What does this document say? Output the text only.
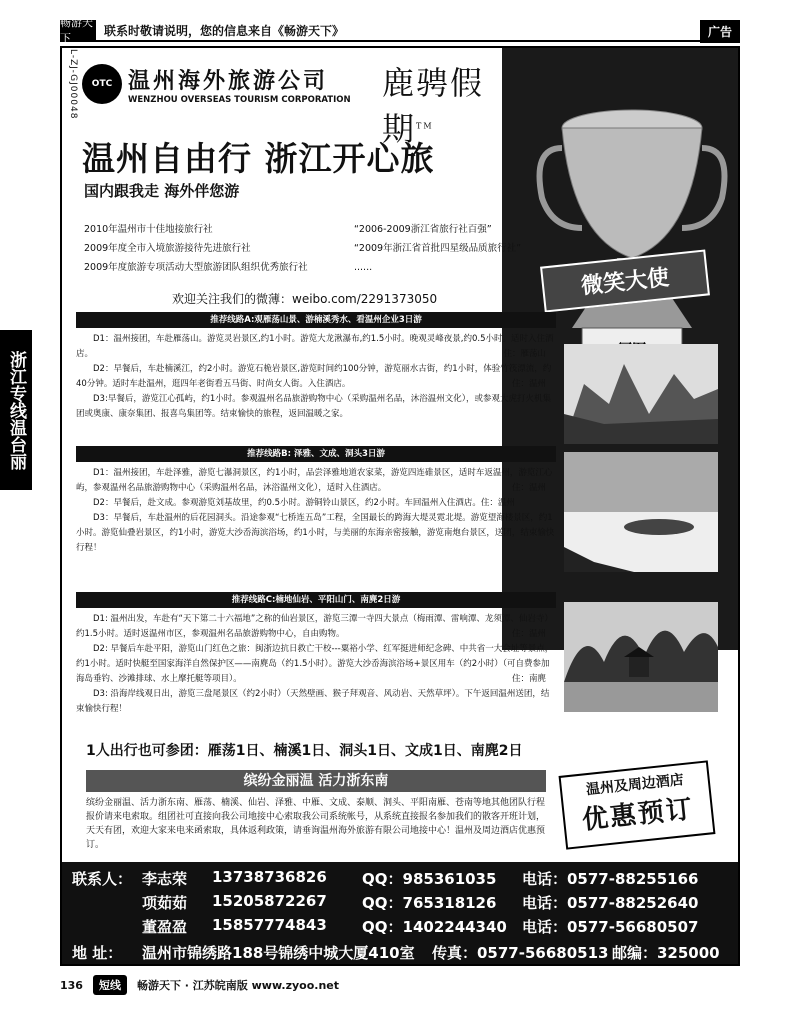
畅游天下
联系时敬请说明，您的信息来自《畅游天下》	广告
浙江专线温台丽
L-ZJ-GJ00048	OTC 温州海外旅游公司
WENZHOU OVERSEAS TOURISM CORPORATION 鹿骋假期™
微笑大使
温州自由行 浙江开心旅
国内跟我走 海外伴您游
2010年温州市十佳地接旅行社	“2006-2009浙江省旅行社百强”
2009年度全市入境旅游接待先进旅行社	“2009年浙江省首批四星级品质旅行社”
2009年度旅游专项活动大型旅游团队组织优秀旅行社	......
欢迎关注我们的微薄：weibo.com/2291373050
推荐线路A:观雁荡山景、游楠溪秀水、看温州企业3日游

D1：温州接团，车赴雁荡山。游览灵岩景区,约1小时。游览大龙湫瀑布,约1.5小时。晚观灵峰夜景,约0.5小时。适时入住酒店。	住：雁荡山

D2：早餐后，车赴楠溪江，约2小时。游览石桅岩景区,游览时间约100分钟，游览丽水古街，约1小时，体验竹筏漂流，约40分钟。适时车赴温州，逛四年老街看五马街、时尚女人街。入住酒店。	住：温州

D3:早餐后，游览江心孤屿，约1小时。参观温州名品旅游购物中心（采购温州名品，沐浴温州文化），或参观大虎打火机集团或奥康、康奈集团、报喜鸟集团等。结束愉快的旅程，返回温暖之家。

推荐线路B: 泽雅、文成、洞头3日游

D1：温州接团，车赴泽雅，游览七瀑洞景区，约1小时，品尝泽雅地道农家菜，游览四连碓景区，适时车返温州，游览江心屿，参观温州名品旅游购物中心（采购温州名品，沐浴温州文化），适时入住酒店。	住：温州

D2：早餐后，赴文成。参观游览刘基故里，约0.5小时。游铜铃山景区，约2小时。车回温州入住酒店。住：温州

D3：早餐后，车赴温州的后花园洞头。沿途参观“七桥连五岛”工程，全国最长的跨海大堤灵霓北堤。游览望海楼景区，约1小时。游览仙叠岩景区，约1小时，游览大沙岙海滨浴场，约1小时，与美丽的东海亲密接触，游览南炮台景区，送团，结束愉快行程！

推荐线路C:楠地仙岩、平阳山门、南麂2日游

D1: 温州出发，车赴有“天下第二十六福地”之称的仙岩景区，游览三潭一寺四大景点（梅雨潭、雷响潭、龙须潭、仙岩寺）约1.5小时。适时返温州市区，参观温州名品旅游购物中心，自由购物。	住：温州

D2: 早餐后车赴平阳，游览山门红色之旅：闽浙边抗日救亡干校---粟裕小学、红军挺进师纪念碑、中共省一大会址等景点，约1小时。适时快艇至国家海洋自然保护区——南麂岛（约1.5小时）。游览大沙岙海滨浴场+景区用车（约2小时）（可自费参加海岛垂钓、沙滩排球、水上摩托艇等项目）。	住：南麂

D3: 沿海岸线观日出，游览三盘尾景区（约2小时）（天然壁画、猴子拜观音、风动岩、天然草坪）。下午返回温州送团，结束愉快行程！

1人出行也可参团：雁荡1日、楠溪1日、洞头1日、文成1日、南麂2日
缤纷金丽温 活力浙东南
缤纷金丽温、活力浙东南、雁荡、楠溪、仙岩、泽雅、中雁、文成、泰顺、洞头、平阳南雁、苍南等地其他团队行程报价请来电索取。组团社可直接向我公司地接中心索取我公司系统帐号，从系统直接报名参加我们的散客开班计划，天天有团，欢迎大家来电来函索取，具体返利政策，请垂询温州海外旅游有限公司地接中心！温州及周边酒店优惠预订。
温州及周边酒店
优惠预订
联系人： 李志荣 13738736826 QQ：985361035 电话：0577-88255166
项茹茹 15205872267 QQ：765318126 电话：0577-88252640
董盈盈 15857774843 QQ：1402244340 电话：0577-56680507
地 址： 温州市锦绣路188号锦绣中城大厦410室 传真：0577-56680513 邮编：325000
136	短线	畅游天下 · 江苏皖南版 www.zyoo.net
